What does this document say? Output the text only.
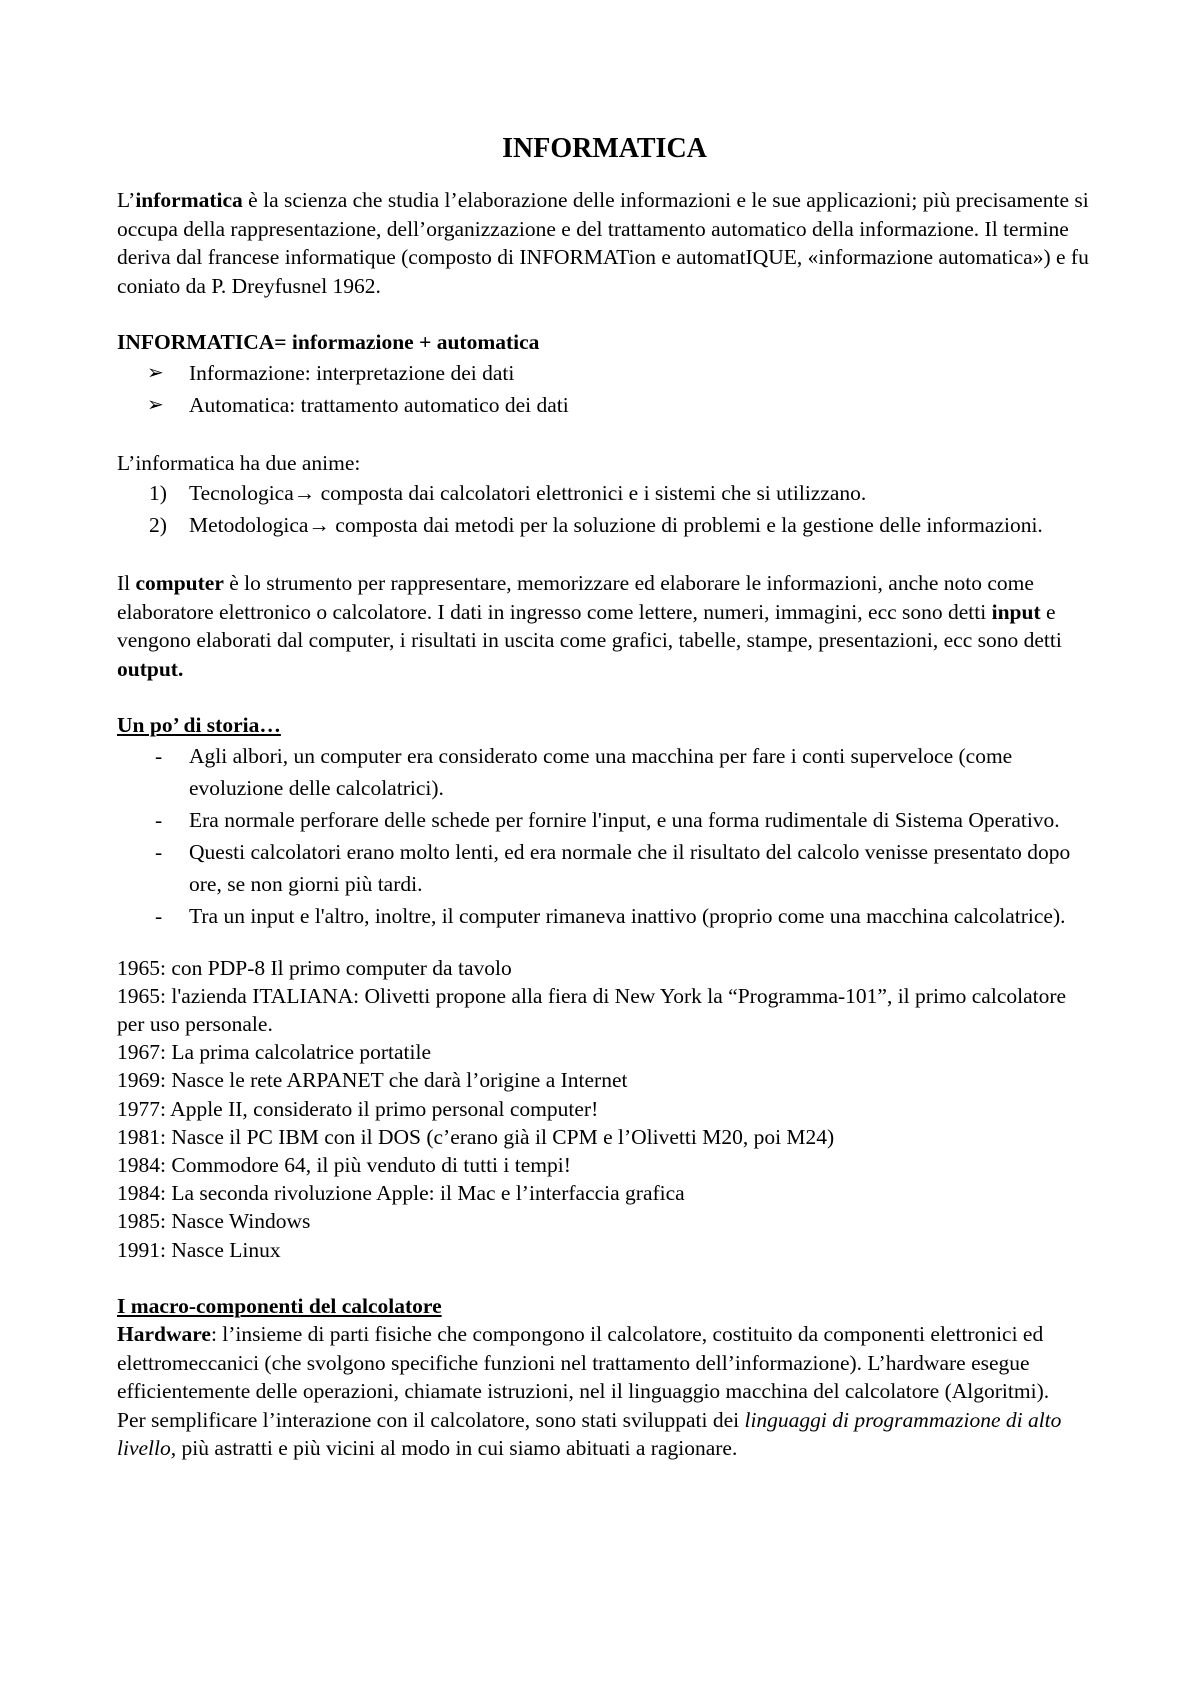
INFORMATICA

L’informatica è la scienza che studia l’elaborazione delle informazioni e le sue applicazioni; più precisamente si occupa della rappresentazione, dell’organizzazione e del trattamento automatico della informazione. Il termine deriva dal francese informatique (composto di INFORMATion e automatIQUE, «informazione automatica») e fu coniato da P. Dreyfusnel 1962.

INFORMATICA= informazione + automatica

➢	Informazione: interpretazione dei dati
➢	Automatica: trattamento automatico dei dati

L’informatica ha due anime:

1)	Tecnologica→ composta dai calcolatori elettronici e i sistemi che si utilizzano.
2)	Metodologica→ composta dai metodi per la soluzione di problemi e la gestione delle informazioni.

Il computer è lo strumento per rappresentare, memorizzare ed elaborare le informazioni, anche noto come elaboratore elettronico o calcolatore. I dati in ingresso come lettere, numeri, immagini, ecc sono detti input e vengono elaborati dal computer, i risultati in uscita come grafici, tabelle, stampe, presentazioni, ecc sono detti output.

Un po’ di storia…

-	Agli albori, un computer era considerato come una macchina per fare i conti superveloce (come evoluzione delle calcolatrici).
-	Era normale perforare delle schede per fornire l'input, e una forma rudimentale di Sistema Operativo.
-	Questi calcolatori erano molto lenti, ed era normale che il risultato del calcolo venisse presentato dopo ore, se non giorni più tardi.
-	Tra un input e l'altro, inoltre, il computer rimaneva inattivo (proprio come una macchina calcolatrice).

1965: con PDP-8 Il primo computer da tavolo

1965: l'azienda ITALIANA: Olivetti propone alla fiera di New York la “Programma-101”, il primo calcolatore per uso personale.

1967: La prima calcolatrice portatile

1969: Nasce le rete ARPANET che darà l’origine a Internet

1977: Apple II, considerato il primo personal computer!

1981: Nasce il PC IBM con il DOS (c’erano già il CPM e l’Olivetti M20, poi M24)

1984: Commodore 64, il più venduto di tutti i tempi!

1984: La seconda rivoluzione Apple: il Mac e l’interfaccia grafica

1985: Nasce Windows

1991: Nasce Linux

I macro-componenti del calcolatore

Hardware: l’insieme di parti fisiche che compongono il calcolatore, costituito da componenti elettronici ed elettromeccanici (che svolgono specifiche funzioni nel trattamento dell’informazione). L’hardware esegue efficientemente delle operazioni, chiamate istruzioni, nel il linguaggio macchina del calcolatore (Algoritmi).

Per semplificare l’interazione con il calcolatore, sono stati sviluppati dei linguaggi di programmazione di alto livello, più astratti e più vicini al modo in cui siamo abituati a ragionare.
